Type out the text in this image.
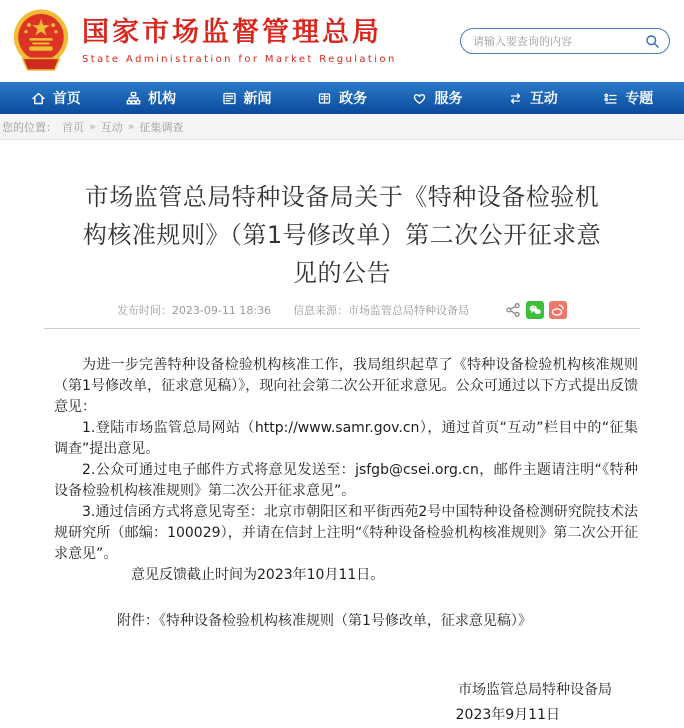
国家市场监督管理总局
State Administration for Market Regulation
请输入要查询的内容
首页	机构	新闻	政务	服务	互动	专题
您的位置： 首页 » 互动 » 征集调查
市场监管总局特种设备局关于《特种设备检验机构核准规则》（第1号修改单）第二次公开征求意见的公告
发布时间：2023-09-11 18:36 信息来源：市场监管总局特种设备局

为进一步完善特种设备检验机构核准工作，我局组织起草了《特种设备检验机构核准规则（第1号修改单，征求意见稿）》，现向社会第二次公开征求意见。公众可通过以下方式提出反馈意见：

1.登陆市场监管总局网站（http://www.samr.gov.cn），通过首页“互动”栏目中的“征集调查”提出意见。

2.公众可通过电子邮件方式将意见发送至：jsfgb@csei.org.cn，邮件主题请注明“《特种设备检验机构核准规则》第二次公开征求意见”。

3.通过信函方式将意见寄至：北京市朝阳区和平街西苑2号中国特种设备检测研究院技术法规研究所（邮编：100029），并请在信封上注明“《特种设备检验机构核准规则》第二次公开征求意见”。

意见反馈截止时间为2023年10月11日。

附件：《特种设备检验机构核准规则（第1号修改单，征求意见稿）》

市场监管总局特种设备局
2023年9月11日
